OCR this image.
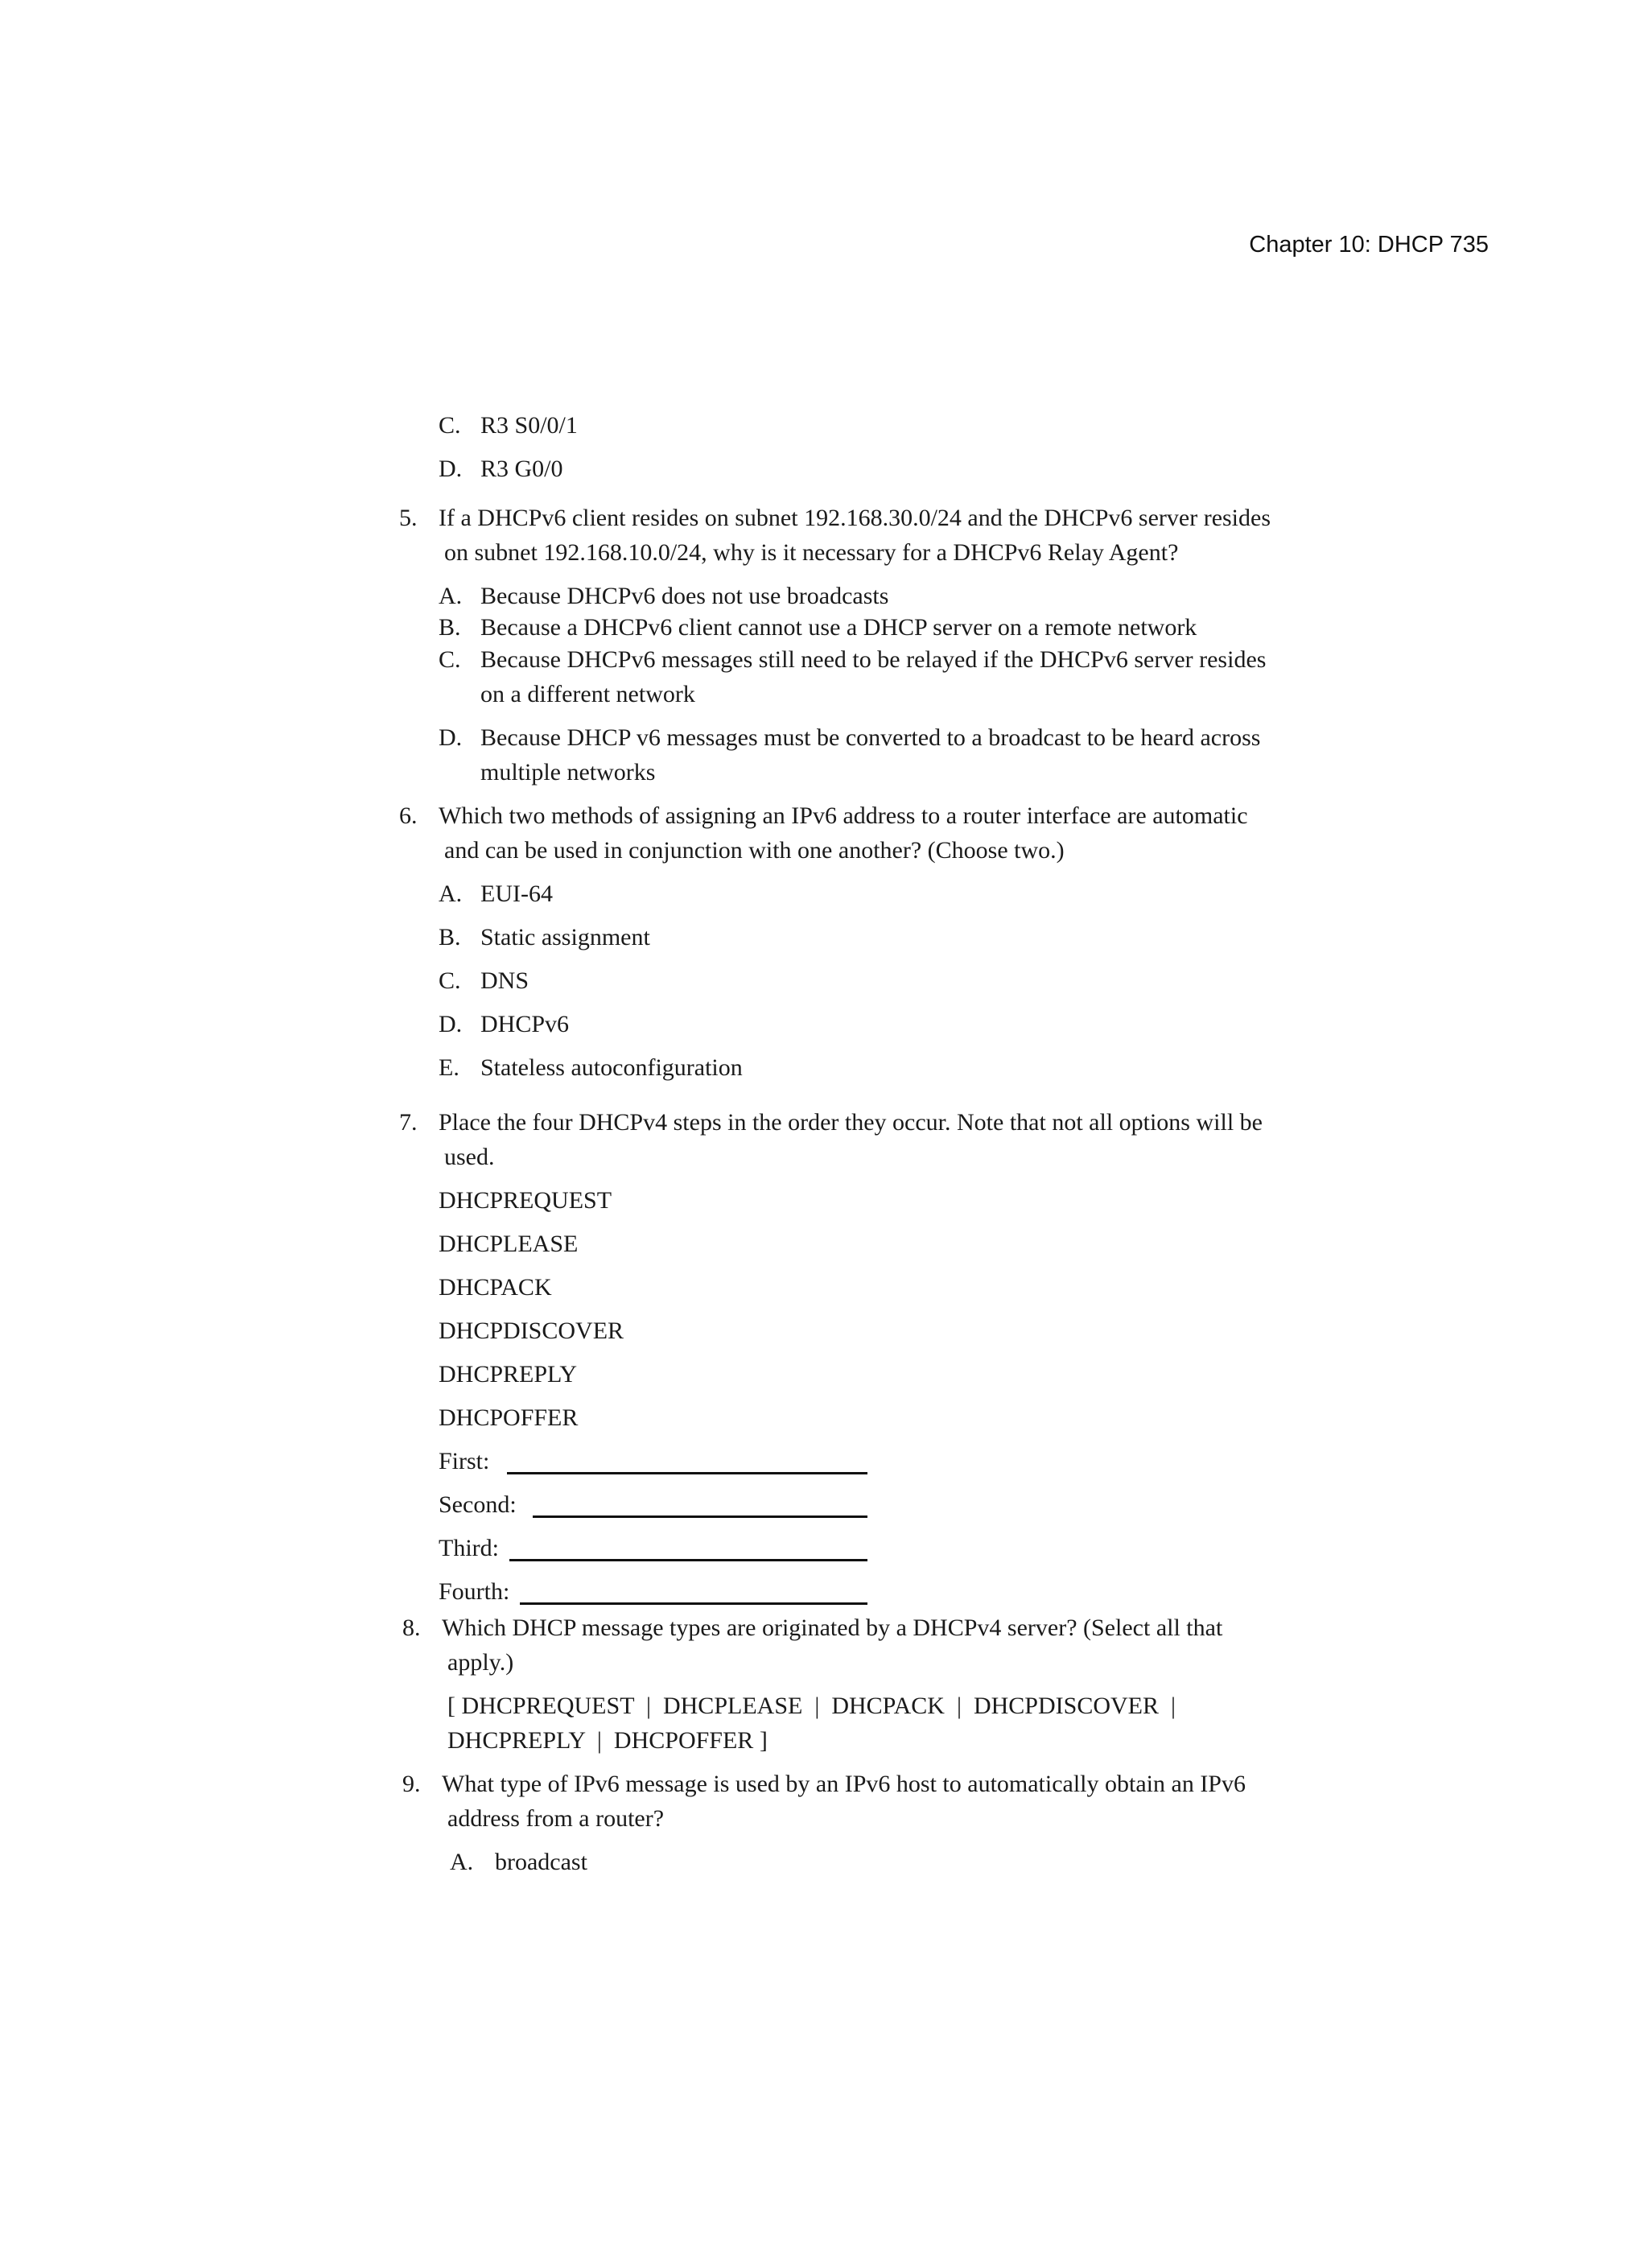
Chapter 10: DHCP 735
C. R3 S0/0/1
D. R3 G0/0
5. If a DHCPv6 client resides on subnet 192.168.30.0/24 and the DHCPv6 server resides
on subnet 192.168.10.0/24, why is it necessary for a DHCPv6 Relay Agent?
A. Because DHCPv6 does not use broadcasts
B. Because a DHCPv6 client cannot use a DHCP server on a remote network
C. Because DHCPv6 messages still need to be relayed if the DHCPv6 server resides
on a different network
D. Because DHCP v6 messages must be converted to a broadcast to be heard across
multiple networks
6. Which two methods of assigning an IPv6 address to a router interface are automatic
and can be used in conjunction with one another? (Choose two.)
A. EUI-64
B. Static assignment
C. DNS
D. DHCPv6
E. Stateless autoconfiguration
7. Place the four DHCPv4 steps in the order they occur. Note that not all options will be
used.
DHCPREQUEST
DHCPLEASE
DHCPACK
DHCPDISCOVER
DHCPREPLY
DHCPOFFER
First:
Second:
Third:
Fourth:
8. Which DHCP message types are originated by a DHCPv4 server? (Select all that
apply.)
[ DHCPREQUEST  |  DHCPLEASE  |  DHCPACK  |  DHCPDISCOVER  |
DHCPREPLY  |  DHCPOFFER ]
9. What type of IPv6 message is used by an IPv6 host to automatically obtain an IPv6
address from a router?
A. broadcast
